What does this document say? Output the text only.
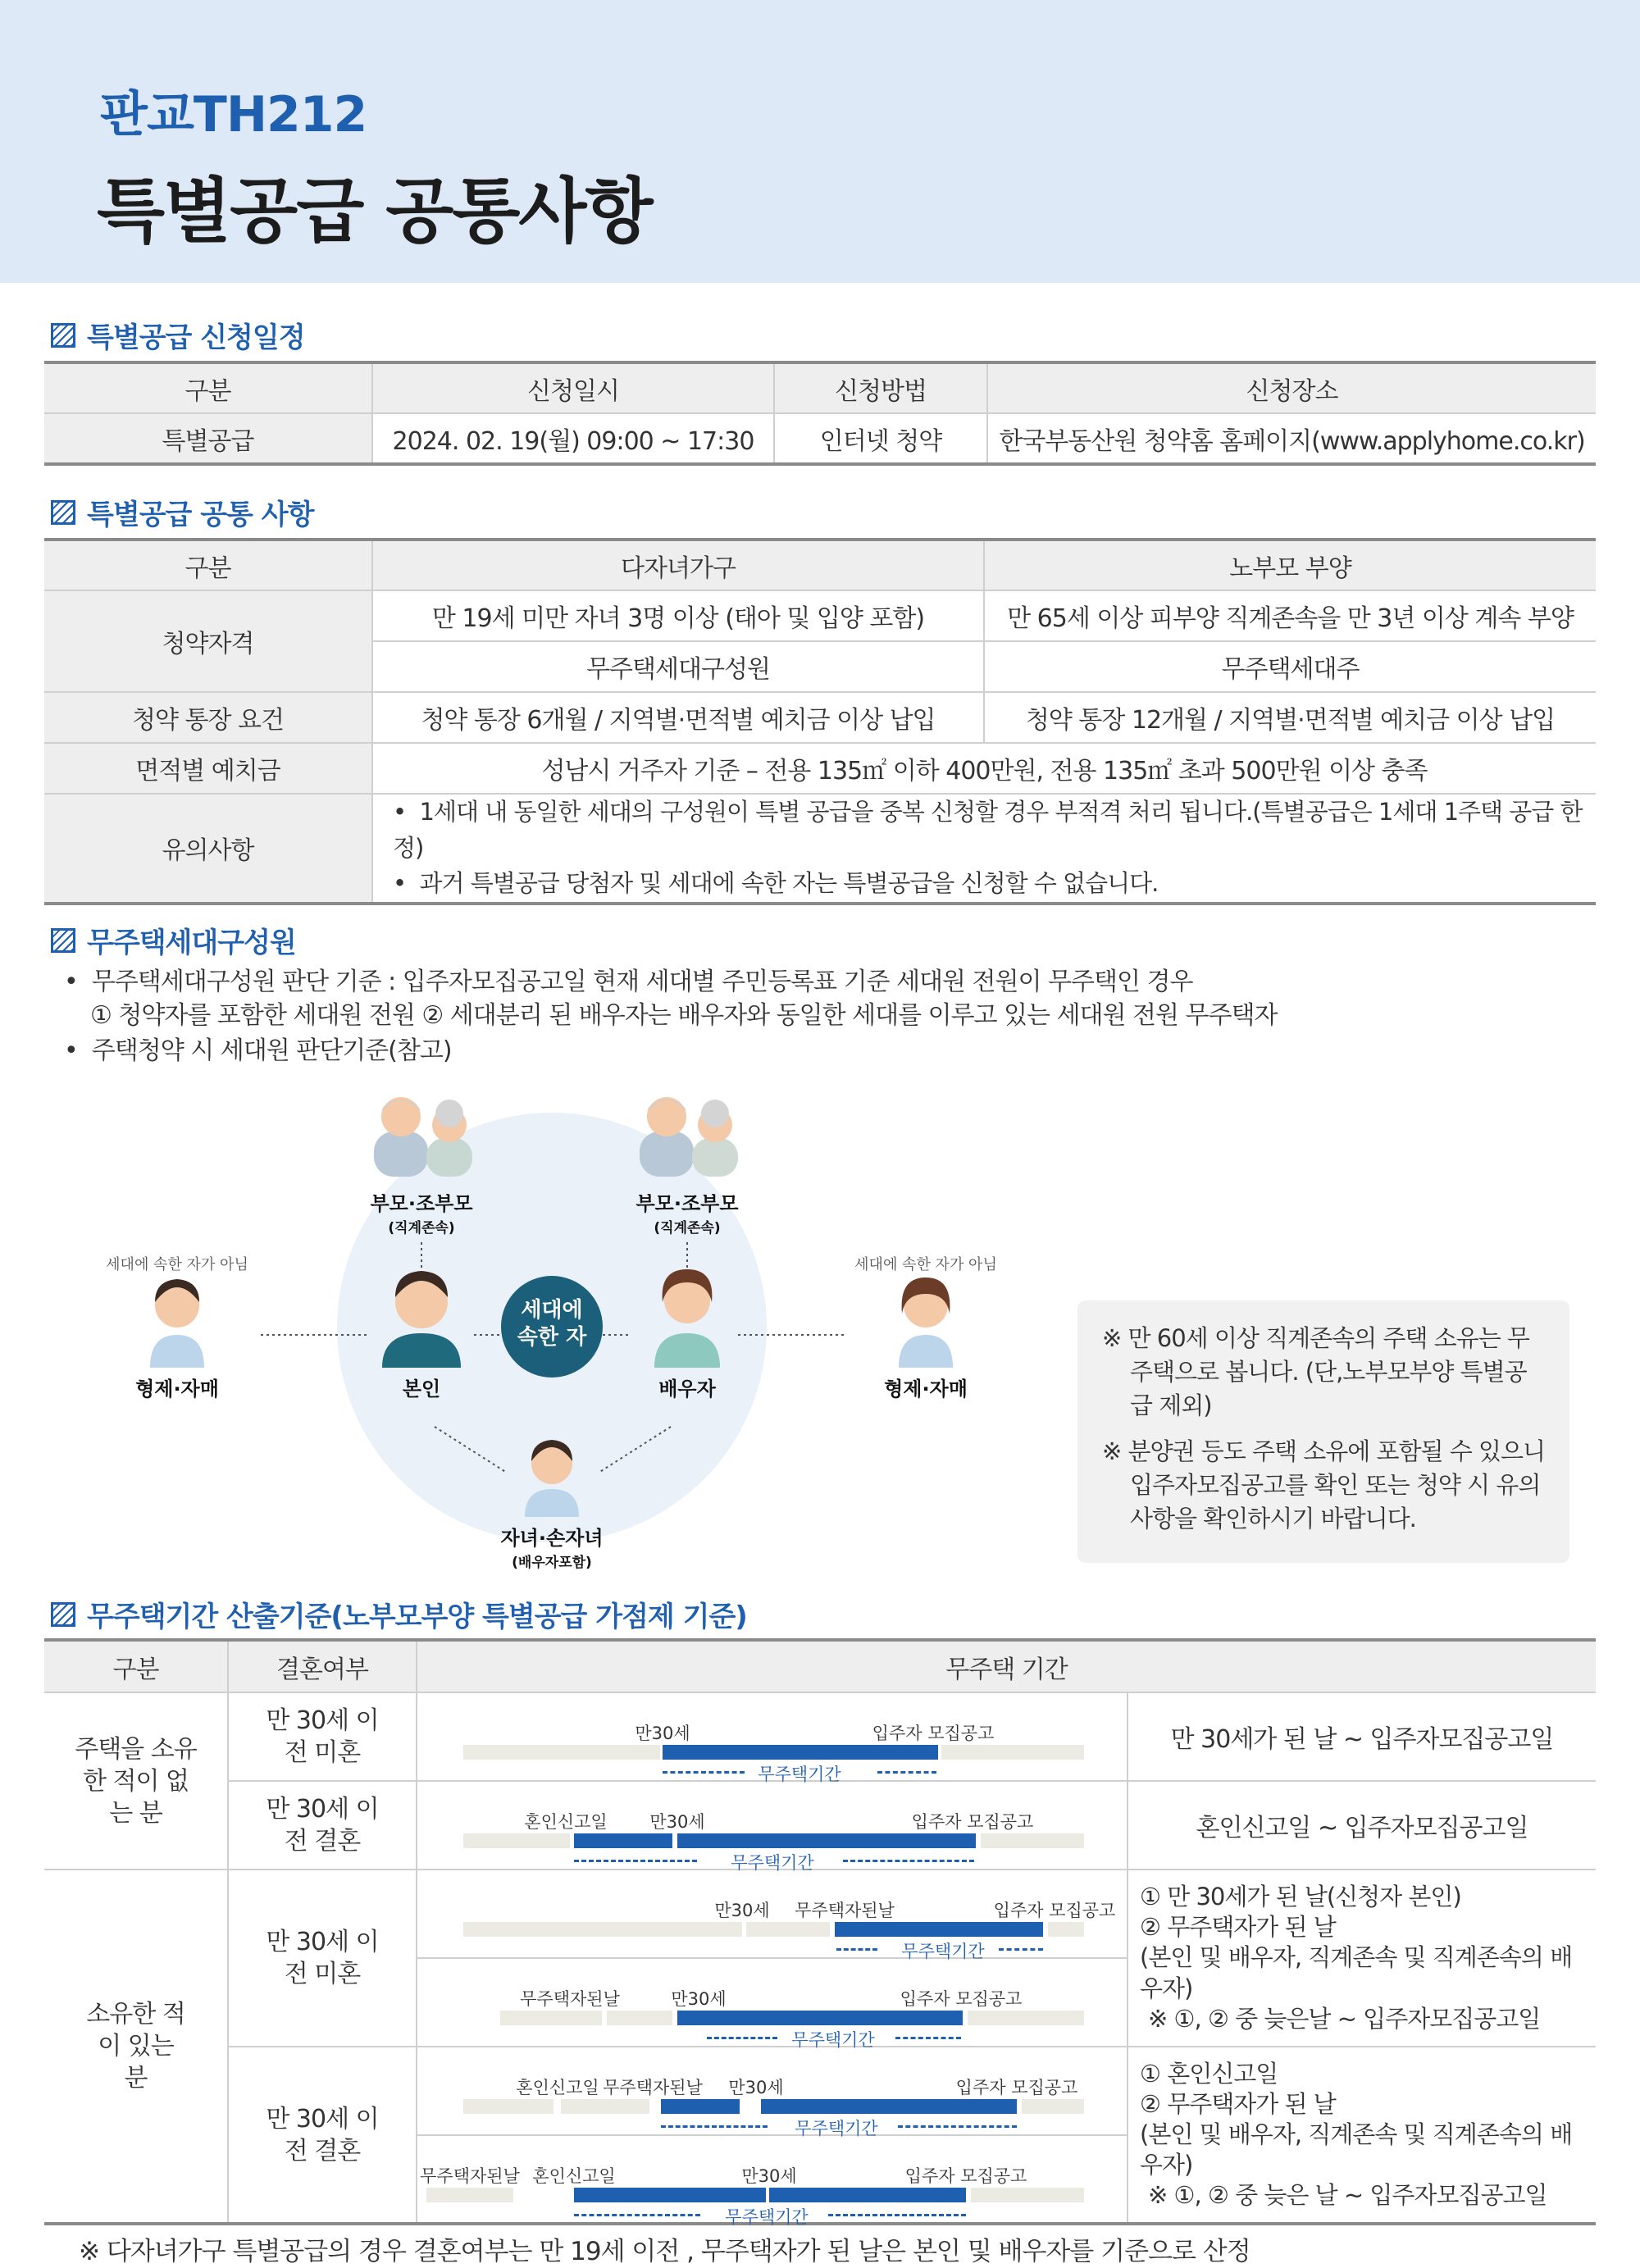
판교TH212
특별공급 공통사항
특별공급 신청일정
구분	신청일시	신청방법	신청장소
특별공급	2024. 02. 19(월) 09:00 ~ 17:30	인터넷 청약	한국부동산원 청약홈 홈페이지(www.applyhome.co.kr)
특별공급 공통 사항
구분	다자녀가구	노부모 부양
청약자격	만 19세 미만 자녀 3명 이상 (태아 및 입양 포함)	만 65세 이상 피부양 직계존속을 만 3년 이상 계속 부양
	무주택세대구성원	무주택세대주
청약 통장 요건	청약 통장 6개월 / 지역별·면적별 예치금 이상 납입	청약 통장 12개월 / 지역별·면적별 예치금 이상 납입
면적별 예치금	성남시 거주자 기준 – 전용 135㎡ 이하 400만원, 전용 135㎡ 초과 500만원 이상 충족	
유의사항	•  1세대 내 동일한 세대의 구성원이 특별 공급을 중복 신청할 경우 부적격 처리 됩니다.(특별공급은 1세대 1주택 공급 한정)
•  과거 특별공급 당첨자 및 세대에 속한 자는 특별공급을 신청할 수 없습니다.	
무주택세대구성원
•  무주택세대구성원 판단 기준 : 입주자모집공고일 현재 세대별 주민등록표 기준 세대원 전원이 무주택인 경우
① 청약자를 포함한 세대원 전원 ② 세대분리 된 배우자는 배우자와 동일한 세대를 이루고 있는 세대원 전원 무주택자
•  주택청약 시 세대원 판단기준(참고)
세대에
속한 자
부모·조부모
(직계존속)
부모·조부모
(직계존속)
본인	배우자
자녀·손자녀
(배우자포함)
형제·자매	형제·자매
세대에 속한 자가 아님	세대에 속한 자가 아님

※ 만 60세 이상 직계존속의 주택 소유는 무주택으로 봅니다. (단,노부모부양 특별공급 제외)

※ 분양권 등도 주택 소유에 포함될 수 있으니 입주자모집공고를 확인 또는 청약 시 유의사항을 확인하시기 바랍니다.

무주택기간 산출기준(노부모부양 특별공급 가점제 기준)
구분	결혼여부	무주택 기간	
주택을 소유한 적이 없는 분	만 30세 이전 미혼		만 30세가 된 날 ~ 입주자모집공고일
	만 30세 이전 결혼		혼인신고일 ~ 입주자모집공고일
소유한 적이 있는 분	만 30세 이전 미혼		① 만 30세가 된 날(신청자 본인)
② 무주택자가 된 날
(본인 및 배우자, 직계존속 및 직계존속의 배우자)
※ ①, ② 중 늦은날 ~ 입주자모집공고일

	만 30세 이전 결혼		① 혼인신고일
② 무주택자가 된 날
(본인 및 배우자, 직계존속 및 직계존속의 배우자)
※ ①, ② 중 늦은 날 ~ 입주자모집공고일

만30세	입주자 모집공고
무주택기간
혼인신고일 만30세	입주자 모집공고
무주택기간
만30세 무주택자된날	입주자 모집공고
무주택기간
무주택자된날	만30세	입주자 모집공고
무주택기간
혼인신고일 무주택자된날 만30세	입주자 모집공고
무주택기간
무주택자된날 혼인신고일	만30세	입주자 모집공고
무주택기간
※ 다자녀가구 특별공급의 경우 결혼여부는 만 19세 이전 , 무주택자가 된 날은 본인 및 배우자를 기준으로 산정
